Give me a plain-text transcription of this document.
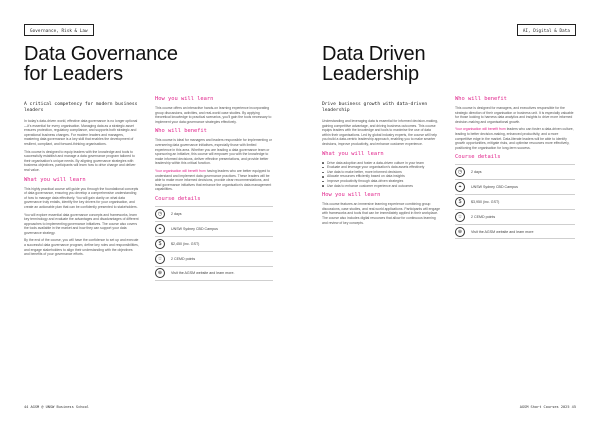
Governance, Risk & Law
Data Governance
for Leaders
A critical competency for modern business leaders

In today's data-driven world, effective data governance is no longer optional—it's essential for every organisation. Managing data as a strategic asset ensures protection, regulatory compliance, and supports both strategic and operational business changes. For modern leaders and managers, mastering data governance is a key skill that enables the development of resilient, compliant, and forward-thinking organisations.

This course is designed to equip leaders with the knowledge and tools to successfully establish and manage a data governance program tailored to their organisation's unique needs. By aligning governance strategies with business objectives, participants will learn how to drive change and deliver real value.

What you will learn

This highly practical course will guide you through the foundational concepts of data governance, ensuring you develop a comprehensive understanding of how to manage data effectively. You will gain clarity on what data governance truly entails, identify the key drivers for your organisation, and create an actionable plan that can be confidently presented to stakeholders.

You will explore essential data governance concepts and frameworks, learn key terminology and evaluate the advantages and disadvantages of different approaches to implementing governance initiatives. The course also covers the tools available in the market and how they can support your data governance strategy.

By the end of the course, you will have the confidence to set up and execute a successful data governance program, define key roles and responsibilities, and engage stakeholders to align their understanding with the objectives and benefits of your governance efforts.

How you will learn

This course offers an interactive hands-on learning experience incorporating group discussions, activities, and real-world case studies. By applying theoretical knowledge to practical scenarios, you'll gain the tools necessary to implement your data governance strategies effectively.

Who will benefit

This course is ideal for managers and leaders responsible for implementing or overseeing data governance initiatives, especially those with limited experience in this area. Whether you are leading a data governance team or sponsoring an initiative, this course will empower you with the knowledge to make informed decisions, deliver effective presentations, and provide better leadership within this critical function.

Your organisation will benefit from having leaders who are better equipped to understand and implement data governance practices. These leaders will be able to make more informed decisions, provide clear recommendations, and lead governance initiatives that enhance the organisation's data management capabilities.

Course details
◷	2 days
⌖	UNSW Sydney CBD Campus
$	$2,450 (inc. GST)
☆	2 CEMD points
⊕	Visit the AGSM website and learn more.
44 AGSM @ UNSW Business School
AI, Digital & Data
Data Driven
Leadership
Drive business growth with data-driven leadership

Understanding and leveraging data is essential for informed decision-making, gaining competitive advantage, and driving business outcomes. This course equips leaders with the knowledge and tools to maximise the use of data within their organisations. Led by global industry experts, the course will help you build a data-centric leadership approach, enabling you to make smarter decisions, improve productivity, and enhance customer experience.

What you will learn
Drive data adoption and foster a data-driven culture in your team
Evaluate and leverage your organisation's data assets effectively
Use data to make better, more informed decisions
Allocate resources efficiently based on data insights
Improve productivity through data-driven strategies
Use data to enhance customer experience and outcomes
How you will learn

This course features an immersive learning experience combining group discussions, case studies, and real-world applications. Participants will engage with frameworks and tools that can be immediately applied in their workplace. The course also includes digital resources that allow for continuous learning and review of key concepts.

Who will benefit

This course is designed for managers, and executives responsible for the strategic direction of their organisation or business unit. It is especially valuable for those looking to harness data analytics and insights to drive more informed decision-making and organisational growth.

Your organisation will benefit from leaders who can foster a data-driven culture, leading to better decision-making, enhanced productivity, and a more competitive edge in the market. Data-literate leaders will be able to identify growth opportunities, mitigate risks, and optimise resources more effectively, positioning the organisation for long-term success.

Course details
◷	2 days
⌖	UNSW Sydney CBD Campus
$	$3,950 (inc. GST)
☆	2 CEMD points
⊕	Visit the AGSM website and learn more
AGSM Short Courses 2025 45
